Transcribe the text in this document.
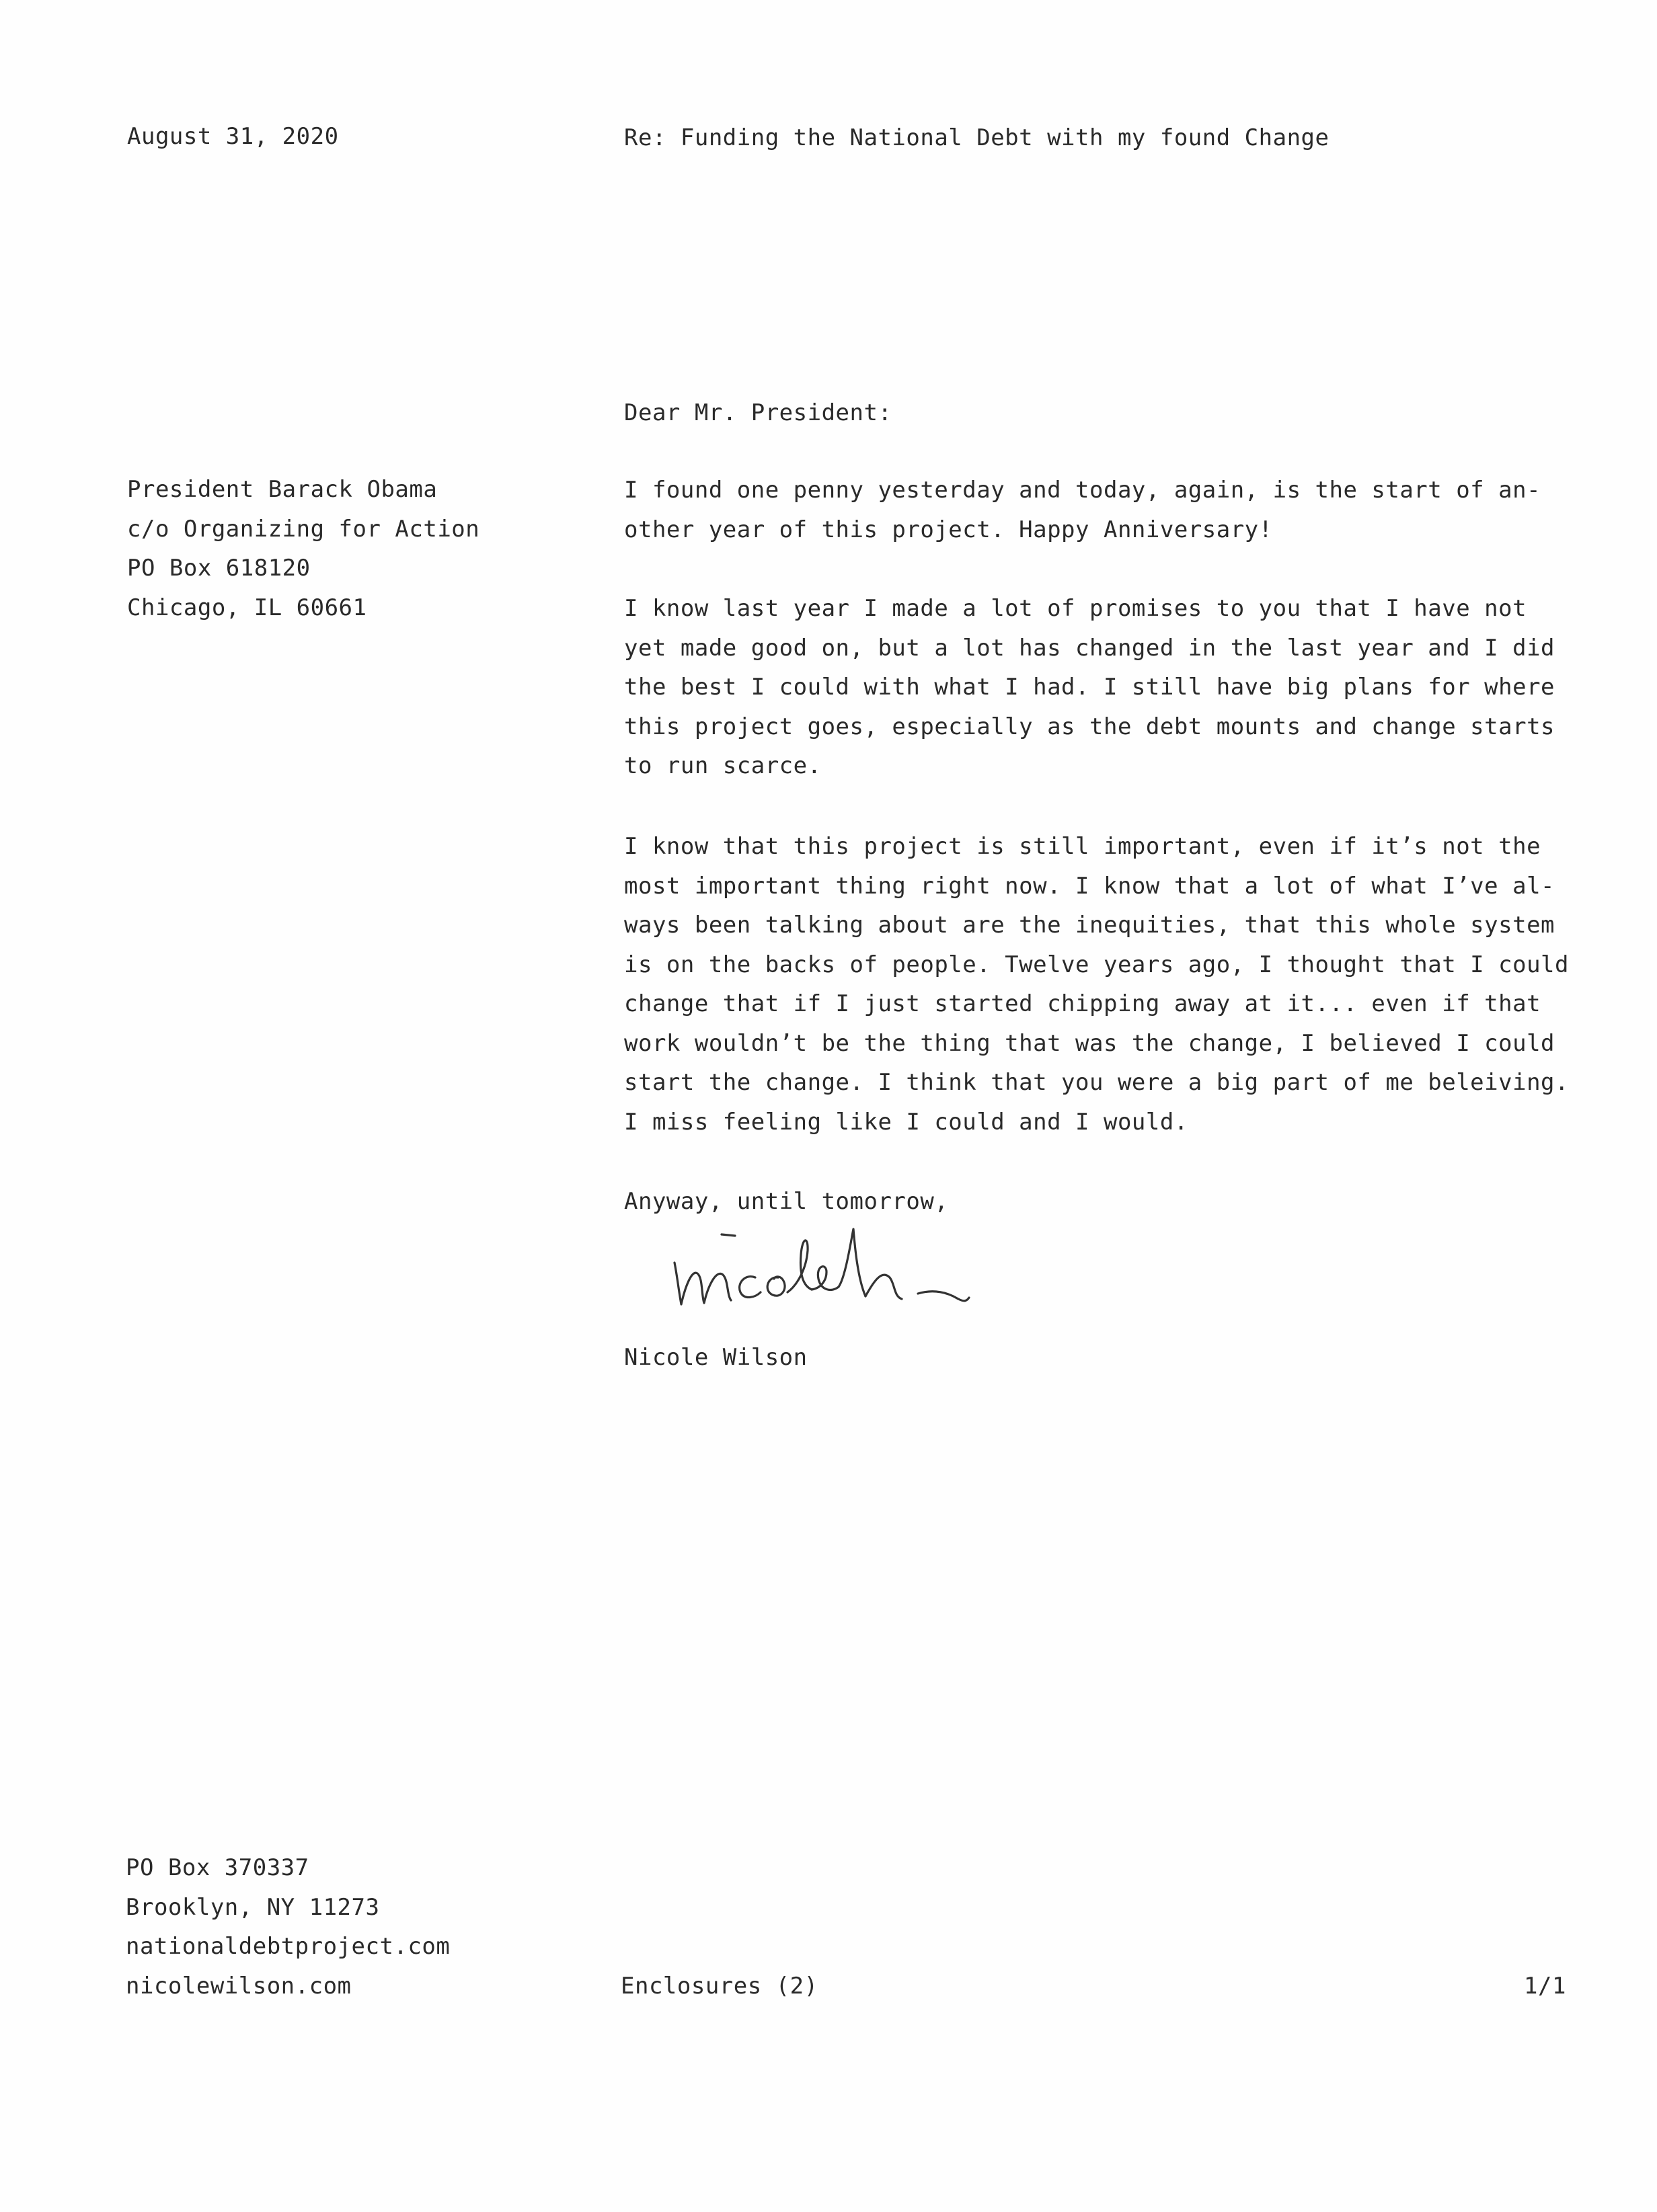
August 31, 2020	Re: Funding the National Debt with my found Change
President Barack Obama
c/o Organizing for Action
PO Box 618120
Chicago, IL 60661
Dear Mr. President:
I found one penny yesterday and today, again, is the start of an-
other year of this project. Happy Anniversary!
I know last year I made a lot of promises to you that I have not
yet made good on, but a lot has changed in the last year and I did
the best I could with what I had. I still have big plans for where
this project goes, especially as the debt mounts and change starts
to run scarce.
I know that this project is still important, even if it’s not the
most important thing right now. I know that a lot of what I’ve al-
ways been talking about are the inequities, that this whole system
is on the backs of people. Twelve years ago, I thought that I could
change that if I just started chipping away at it... even if that
work wouldn’t be the thing that was the change, I believed I could
start the change. I think that you were a big part of me beleiving.
I miss feeling like I could and I would.
Anyway, until tomorrow,
Nicole Wilson
PO Box 370337
Brooklyn, NY 11273
nationaldebtproject.com
nicolewilson.com	Enclosures (2)	1/1
